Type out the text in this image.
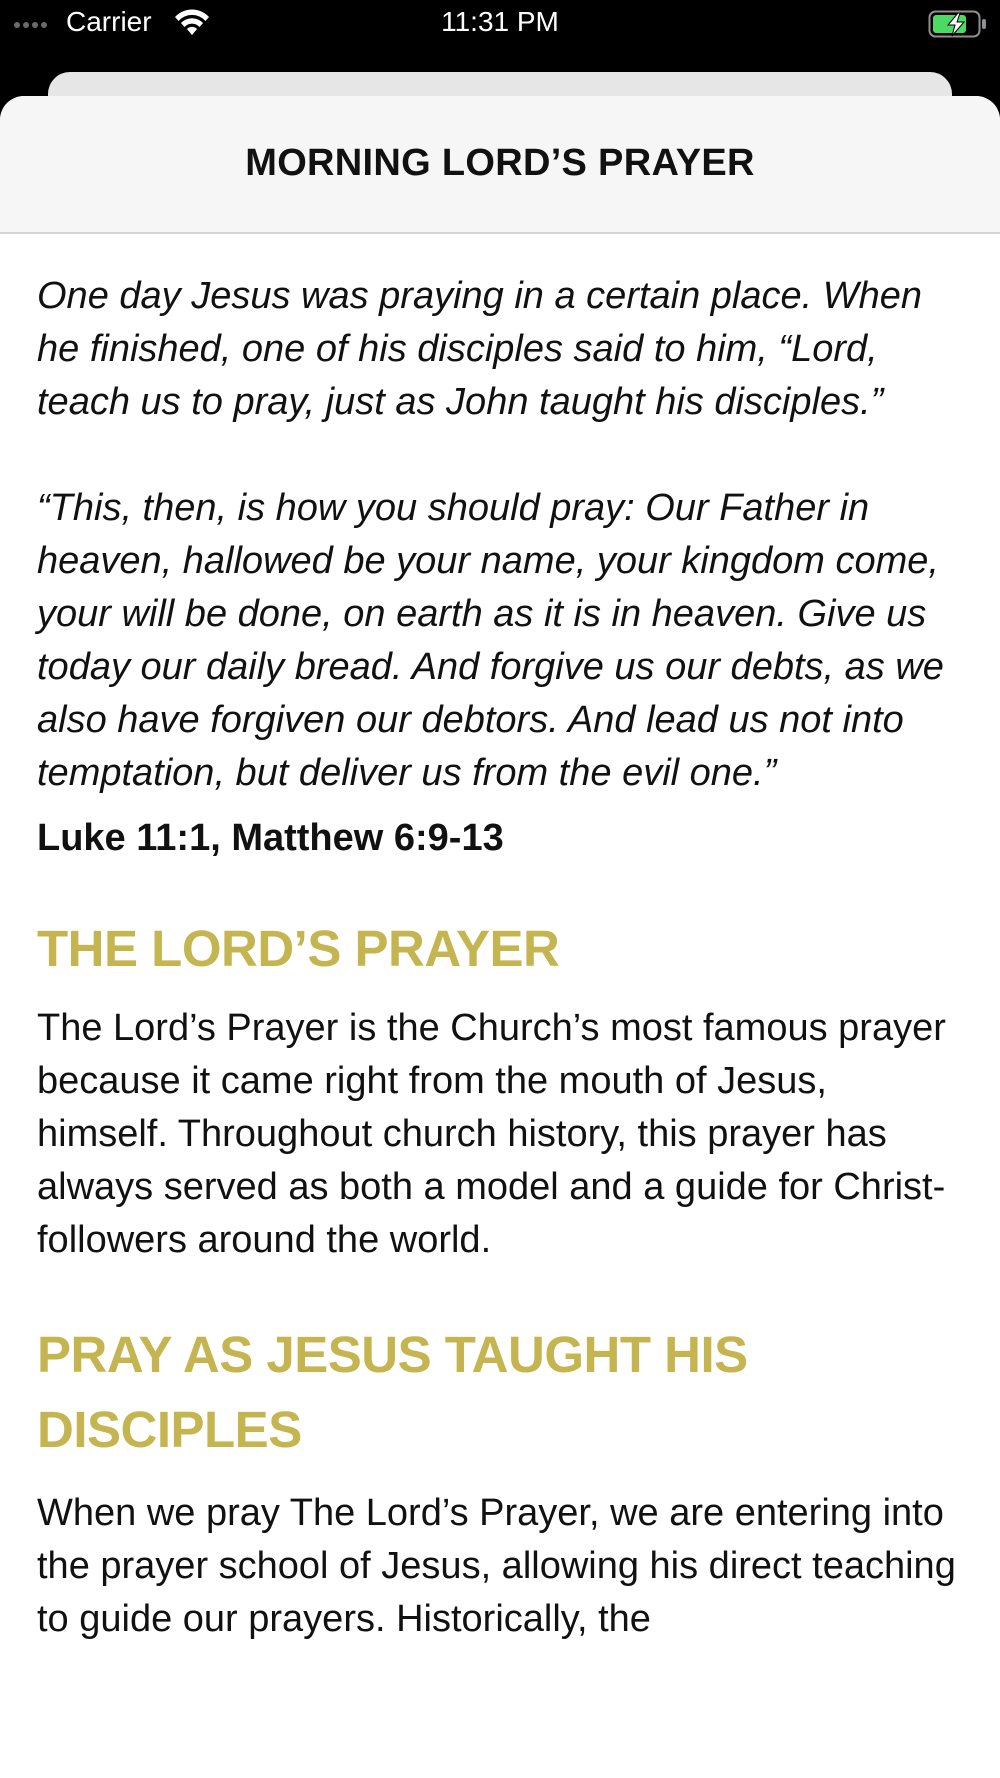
Carrier	11:31 PM
MORNING LORD’S PRAYER

One day Jesus was praying in a certain place. When he finished, one of his disciples said to him, “Lord, teach us to pray, just as John taught his disciples.”

“This, then, is how you should pray: Our Father in heaven, hallowed be your name, your kingdom come, your will be done, on earth as it is in heaven. Give us today our daily bread. And forgive us our debts, as we also have forgiven our debtors. And lead us not into temptation, but deliver us from the evil one.”

Luke 11:1, Matthew 6:9-13

THE LORD’S PRAYER

The Lord’s Prayer is the Church’s most famous prayer because it came right from the mouth of Jesus, himself. Throughout church history, this prayer has always served as both a model and a guide for Christ-followers around the world.

PRAY AS JESUS TAUGHT HIS DISCIPLES

When we pray The Lord’s Prayer, we are entering into the prayer school of Jesus, allowing his direct teaching to guide our prayers. Historically, the
